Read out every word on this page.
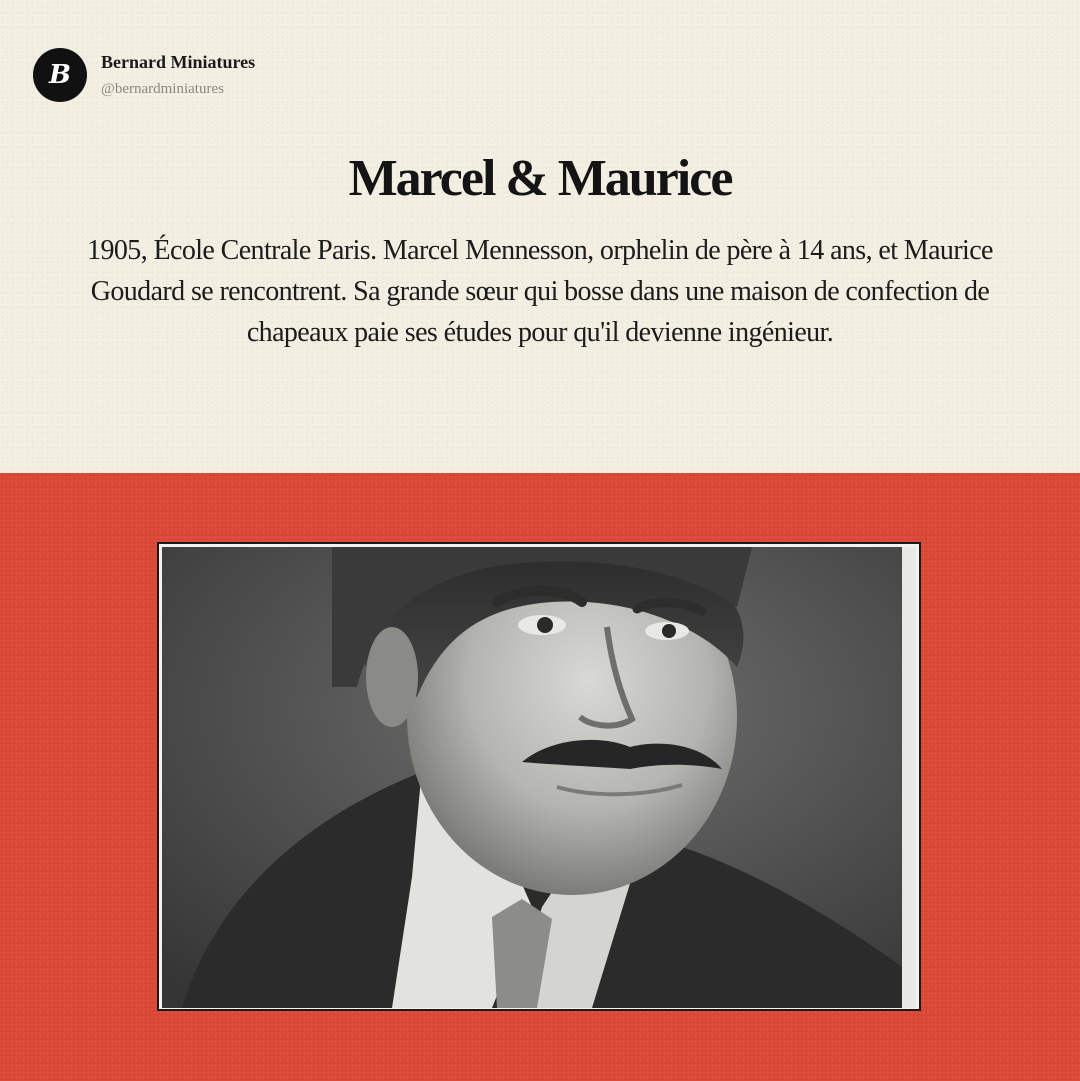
B	Bernard Miniatures
@bernardminiatures
Marcel & Maurice
1905, École Centrale Paris. Marcel Mennesson, orphelin de père à 14 ans, et Maurice Goudard se rencontrent. Sa grande sœur qui bosse dans une maison de confection de chapeaux paie ses études pour qu'il devienne ingénieur.
